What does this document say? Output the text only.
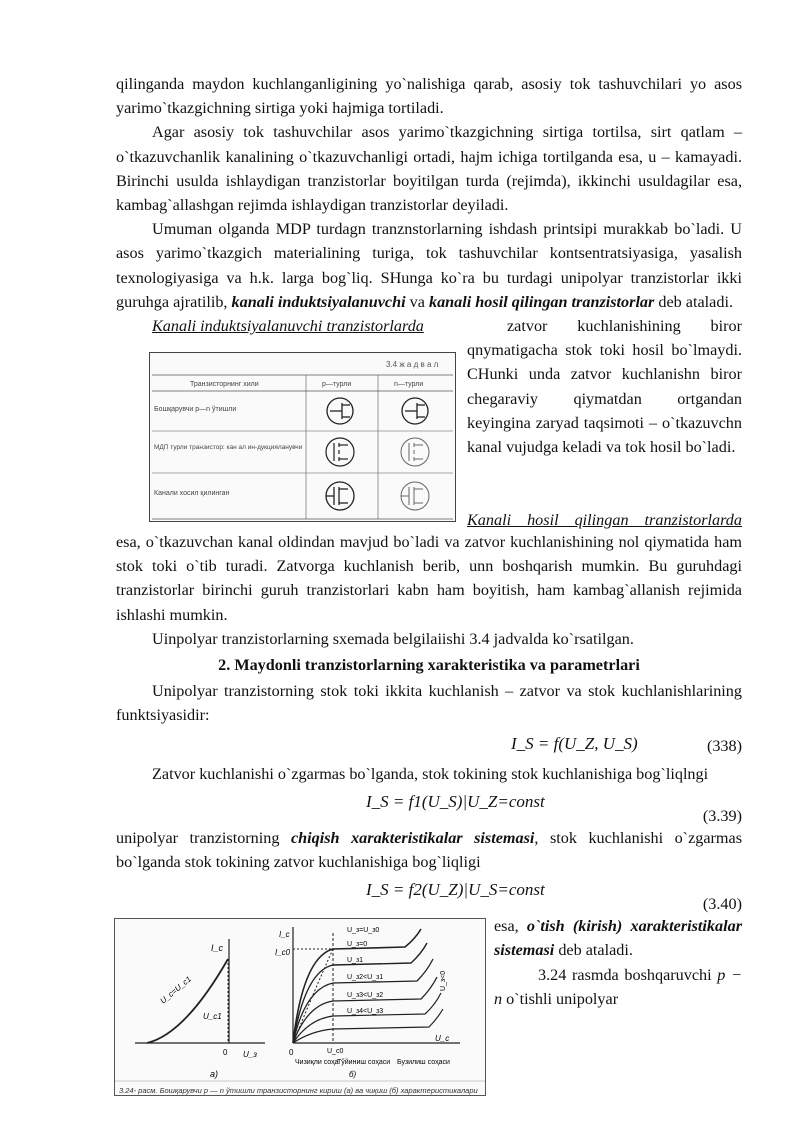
qilinganda maydon kuchlanganligining yo`nalishiga qarab, asosiy tok tashuvchilari yo asos yarimo`tkazgichning sirtiga yoki hajmiga tortiladi.

Agar asosiy tok tashuvchilar asos yarimo`tkazgichning sirtiga tortilsa, sirt qatlam –o`tkazuvchanlik kanalining o`tkazuvchanligi ortadi, hajm ichiga tortilganda esa, u – kamayadi. Birinchi usulda ishlaydigan tranzistorlar boyitilgan turda (rejimda), ikkinchi usuldagilar esa, kambag`allashgan rejimda ishlaydigan tranzistorlar deyiladi.

Umuman olganda MDP turdagn tranznstorlarning ishdash printsipi murakkab bo`ladi. U asos yarimo`tkazgich materialining turiga, tok tashuvchilar kontsentratsiyasiga, yasalish texnologiyasiga va h.k. larga bog`liq. SHunga ko`ra bu turdagi unipolyar tranzistorlar ikki guruhga ajratilib, kanali induktsiyalanuvchi va kanali hosil qilingan tranzistorlar deb ataladi.

Kanali induktsiyalanuvchi tranzistorlarda	zatvor kuchlanishining biror qnymatigacha stok toki hosil bo`lmaydi. CHunki unda zatvor kuchlanishn biror chegaraviy qiymatdan ortgandan keyingina zaryad taqsimoti – o`tkazuvchn kanal vujudga keladi va tok hosil bo`ladi.
3.4 ж а д в а л
Транзисторнинг хили	p—турли	n—турли
Бошқарувчи p—n ўтишли
МДП турли транзистор: кан ал ин-дукцияланувчи
Канали хосил қилинган
Kanali hosil qilingan tranzistorlarda

esa, o`tkazuvchan kanal oldindan mavjud bo`ladi va zatvor kuchlanishining nol qiymatida ham stok toki o`tib turadi. Zatvorga kuchlanish berib, unn boshqarish mumkin. Bu guruhdagi tranzistorlar birinchi guruh tranzistorlari kabn ham boyitish, ham kambag`allanish rejimida ishlashi mumkin.

Uinpolyar tranzistorlarning sxemada belgilaiishi 3.4 jadvalda ko`rsatilgan.

2. Maydonli tranzistorlarning xarakteristika va parametrlari

Unipolyar tranzistorning stok toki ikkita kuchlanish – zatvor va stok kuchlanishlarining funktsiyasidir:

I_S = f(U_Z, U_S)	(338)

Zatvor kuchlanishi o`zgarmas bo`lganda, stok tokining stok kuchlanishiga bog`liqlngi

I_S = f1(U_S)|U_Z=const
(3.39)

unipolyar tranzistorning chiqish xarakteristikalar sistemasi, stok kuchlanishi o`zgarmas bo`lganda stok tokining zatvor kuchlanishiga bog`liqligi

I_S = f2(U_Z)|U_S=const
(3.40)
esa, o`tish (kirish) xarakteristikalar sistemasi deb ataladi.
3.24 rasmda boshqaruvchi p − n o`tishli unipolyar
I_c
U_c=U_c1
U_c1
0 U_з
a)
I_c
I_c0
U_з=U_з0
U_з=0
U_з1
U_з2<U_з1
U_з3<U_з2
U_з4<U_з3
U_з<0
0	U_c0
U_c
Чизиқли соҳа
Тўйиниш соҳаси
б)
Бузилиш соҳаси
3.24- расм. Бошқарувчи p — n ўтишли транзисторнинг кириш (а) ва чиқиш (б) характеристикалари
